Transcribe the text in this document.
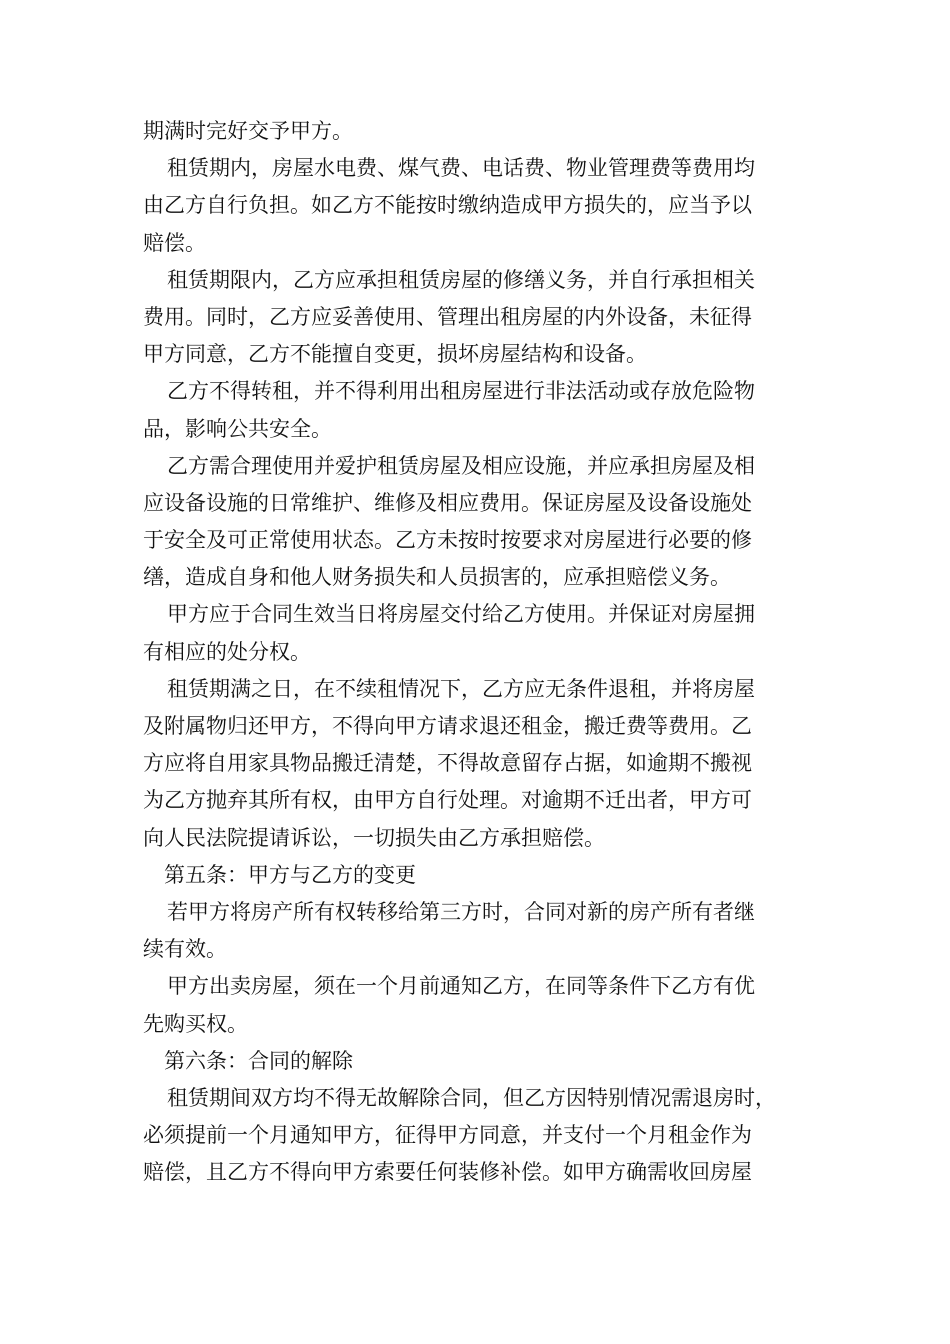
期满时完好交予甲方。
租赁期内，房屋水电费、煤气费、电话费、物业管理费等费用均
由乙方自行负担。如乙方不能按时缴纳造成甲方损失的，应当予以
赔偿。
租赁期限内，乙方应承担租赁房屋的修缮义务，并自行承担相关
费用。同时，乙方应妥善使用、管理出租房屋的内外设备，未征得
甲方同意，乙方不能擅自变更，损坏房屋结构和设备。
乙方不得转租，并不得利用出租房屋进行非法活动或存放危险物
品，影响公共安全。
乙方需合理使用并爱护租赁房屋及相应设施，并应承担房屋及相
应设备设施的日常维护、维修及相应费用。保证房屋及设备设施处
于安全及可正常使用状态。乙方未按时按要求对房屋进行必要的修
缮，造成自身和他人财务损失和人员损害的，应承担赔偿义务。
甲方应于合同生效当日将房屋交付给乙方使用。并保证对房屋拥
有相应的处分权。
租赁期满之日，在不续租情况下，乙方应无条件退租，并将房屋
及附属物归还甲方，不得向甲方请求退还租金，搬迁费等费用。乙
方应将自用家具物品搬迁清楚，不得故意留存占据，如逾期不搬视
为乙方抛弃其所有权，由甲方自行处理。对逾期不迁出者，甲方可
向人民法院提请诉讼，一切损失由乙方承担赔偿。
第五条：甲方与乙方的变更
若甲方将房产所有权转移给第三方时，合同对新的房产所有者继
续有效。
甲方出卖房屋，须在一个月前通知乙方，在同等条件下乙方有优
先购买权。
第六条：合同的解除
租赁期间双方均不得无故解除合同，但乙方因特别情况需退房时，
必须提前一个月通知甲方，征得甲方同意，并支付一个月租金作为
赔偿，且乙方不得向甲方索要任何装修补偿。如甲方确需收回房屋
